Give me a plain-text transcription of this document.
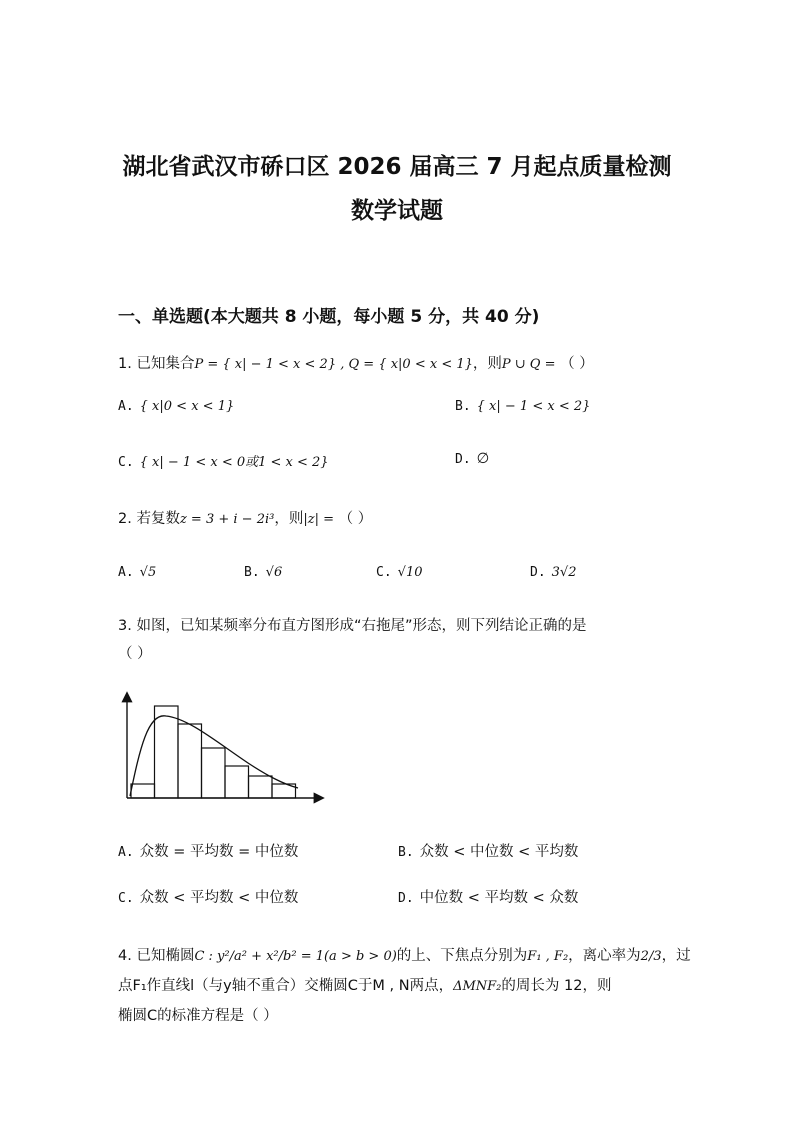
湖北省武汉市硚口区 2026 届高三 7 月起点质量检测
数学试题
一、单选题(本大题共 8 小题，每小题 5 分，共 40 分)
1. 已知集合P = { x| − 1 < x < 2} , Q = { x|0 < x < 1}，则P ∪ Q = （ ）
A. { x|0 < x < 1}	B. { x| − 1 < x < 2}
C. { x| − 1 < x < 0或1 < x < 2}	D. ∅
2. 若复数z = 3 + i − 2i³，则|z| = （ ）
A. √5	B. √6	C. √10	D. 3√2
3. 如图，已知某频率分布直方图形成“右拖尾”形态，则下列结论正确的是
（ ）
A. 众数 = 平均数 = 中位数	B. 众数 < 中位数 < 平均数
C. 众数 < 平均数 < 中位数	D. 中位数 < 平均数 < 众数
4. 已知椭圆C : y²/a² + x²/b² = 1(a > b > 0)的上、下焦点分别为F₁ , F₂，离心率为2/3，过
点F₁作直线l（与y轴不重合）交椭圆C于M , N两点，ΔMNF₂的周长为 12，则
椭圆C的标准方程是（ ）
